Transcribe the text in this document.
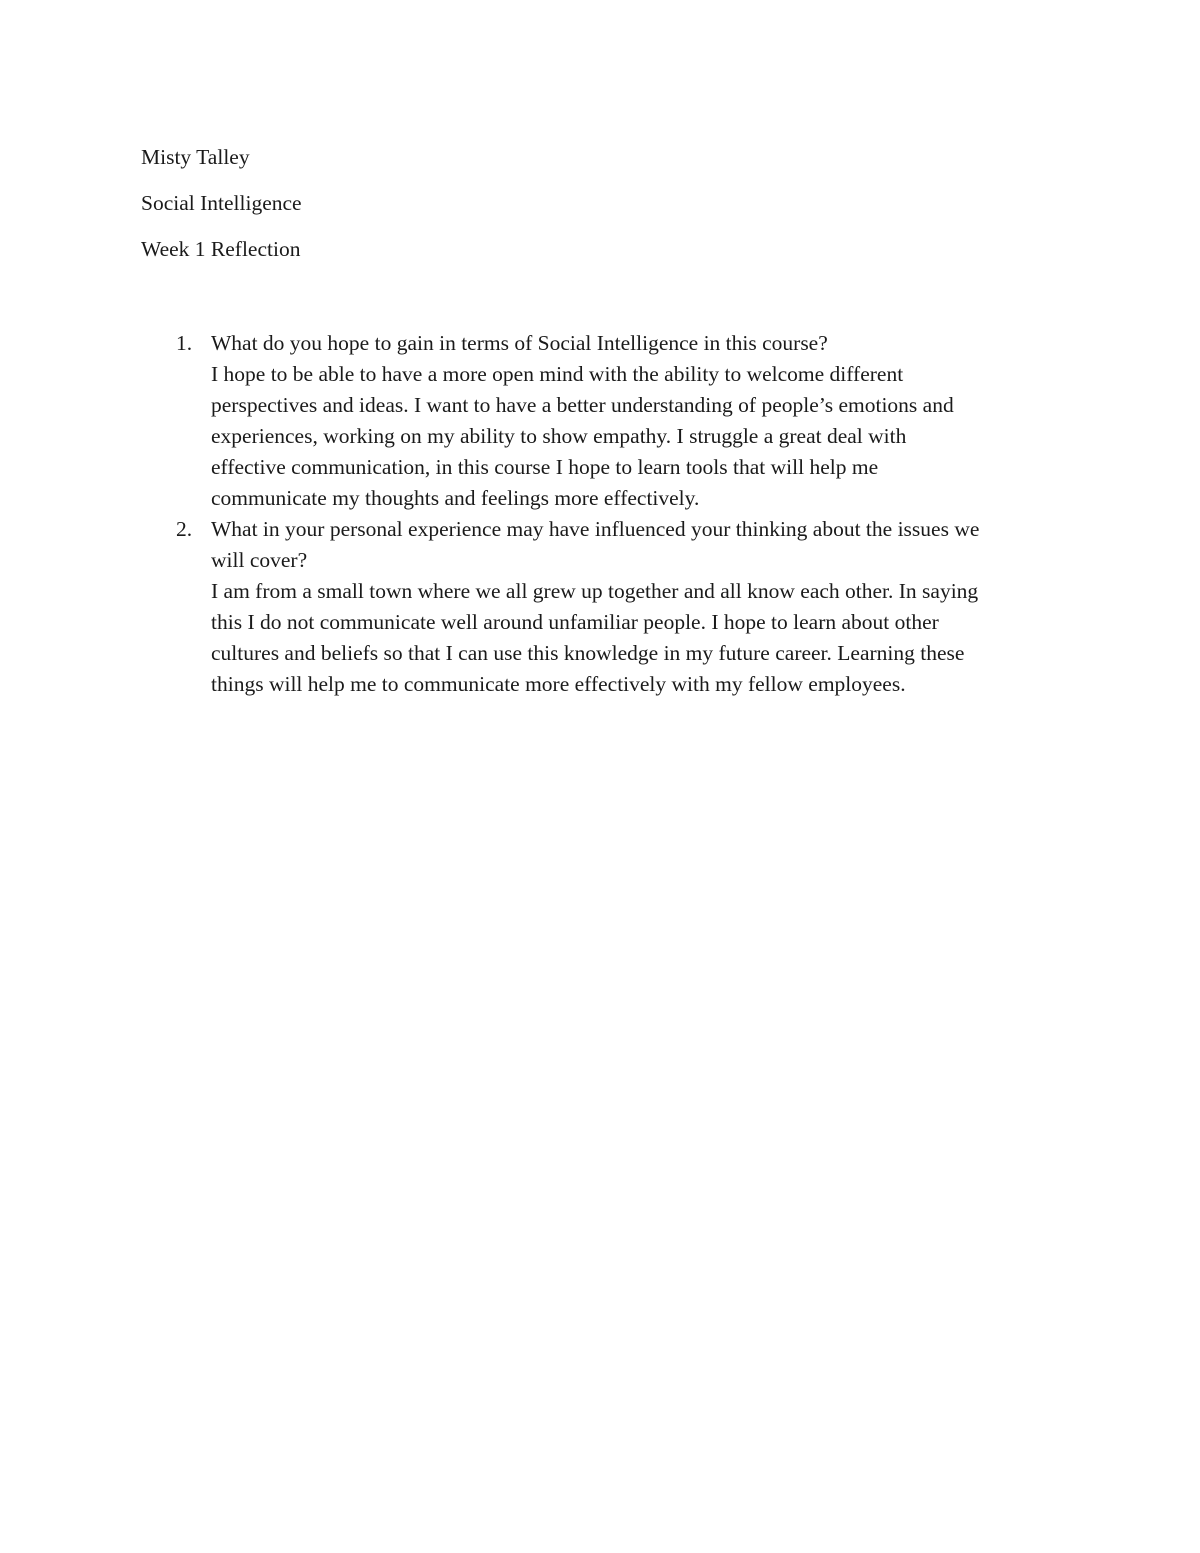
Misty Talley
Social Intelligence
Week 1 Reflection
1. What do you hope to gain in terms of Social Intelligence in this course?
I hope to be able to have a more open mind with the ability to welcome different
perspectives and ideas. I want to have a better understanding of people’s emotions and
experiences, working on my ability to show empathy. I struggle a great deal with
effective communication, in this course I hope to learn tools that will help me
communicate my thoughts and feelings more effectively.
2. What in your personal experience may have influenced your thinking about the issues we
will cover?
I am from a small town where we all grew up together and all know each other. In saying
this I do not communicate well around unfamiliar people. I hope to learn about other
cultures and beliefs so that I can use this knowledge in my future career. Learning these
things will help me to communicate more effectively with my fellow employees.
